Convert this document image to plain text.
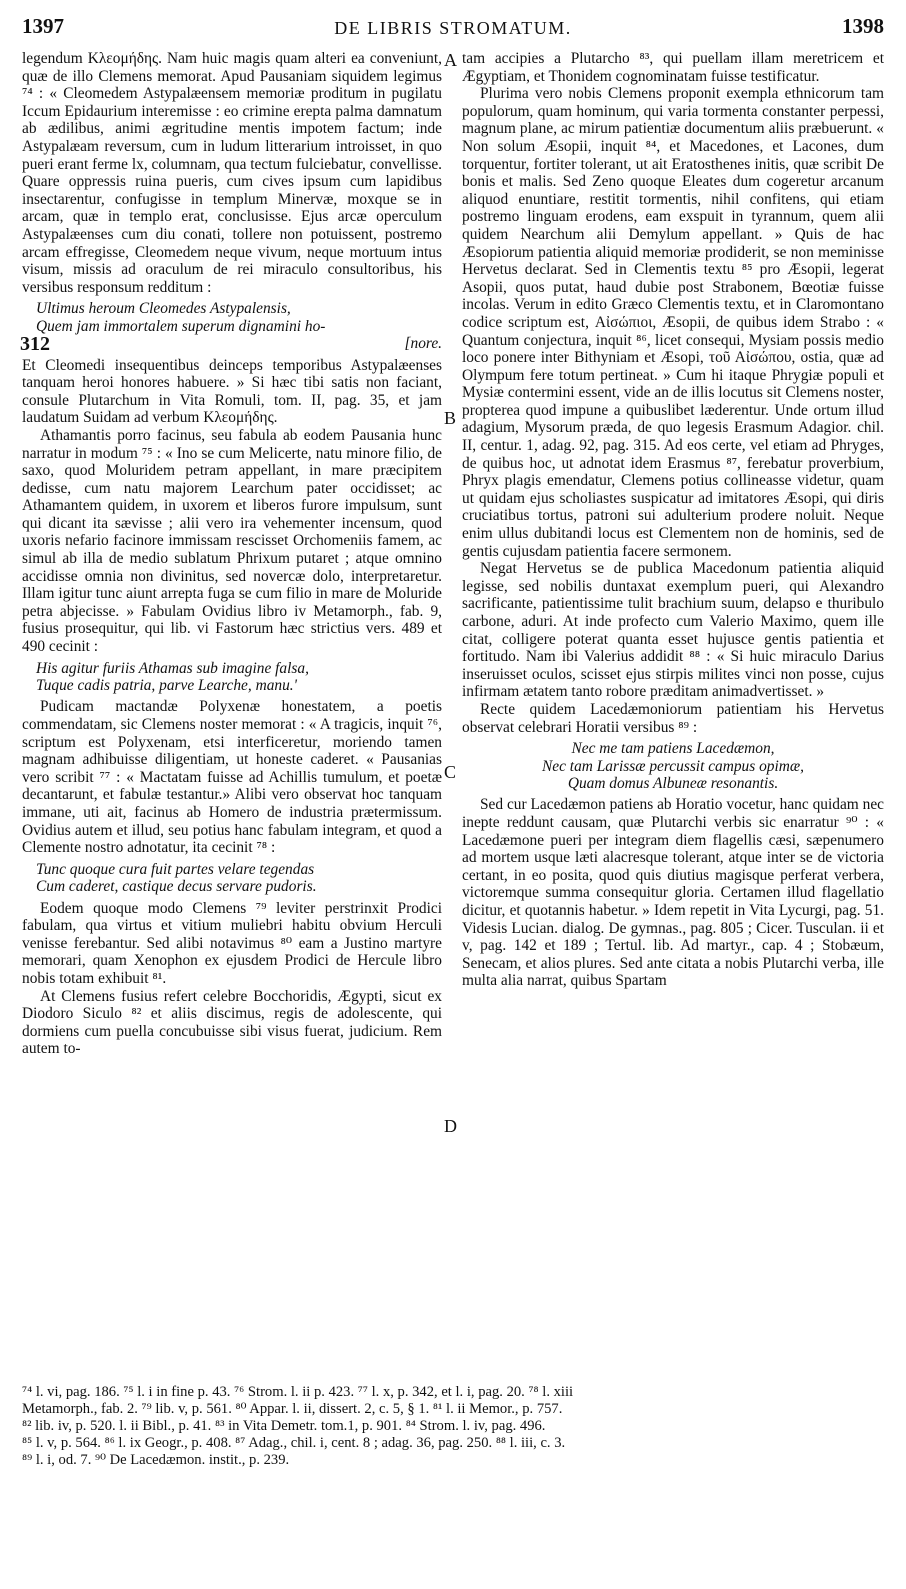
1397	DE LIBRIS STROMATUM.	1398
A
B
C
D

legendum Κλεομήδης. Nam huic magis quam alteri ea conveniunt, quæ de illo Clemens memorat. Apud Pausaniam siquidem legimus ⁷⁴ : « Cleomedem Astypalæensem memoriæ proditum in pugilatu Iccum Epidaurium interemisse : eo crimine erepta palma damnatum ab ædilibus, animi ægritudine mentis impotem factum; inde Astypalæam reversum, cum in ludum litterarium introisset, in quo pueri erant ferme lx, columnam, qua tectum fulciebatur, convellisse. Quare oppressis ruina pueris, cum cives ipsum cum lapidibus insectarentur, confugisse in templum Minervæ, moxque se in arcam, quæ in templo erat, conclusisse. Ejus arcæ operculum Astypalæenses cum diu conati, tollere non potuissent, postremo arcam effregisse, Cleomedem neque vivum, neque mortuum intus visum, missis ad oraculum de rei miraculo consultoribus, his versibus responsum redditum :

Ultimus heroum Cleomedes Astypalensis,
Quem jam immortalem superum dignamini ho-
[nore.

Et Cleomedi insequentibus deinceps temporibus Astypalæenses tanquam heroi honores habuere. » Si hæc tibi satis non faciant, consule Plutarchum in Vita Romuli, tom. II, pag. 35, et jam laudatum Suidam ad verbum Κλεομήδης.

Athamantis porro facinus, seu fabula ab eodem Pausania hunc narratur in modum ⁷⁵ : « Ino se cum Melicerte, natu minore filio, de saxo, quod Moluridem petram appellant, in mare præcipitem dedisse, cum natu majorem Learchum pater occidisset; ac Athamantem quidem, in uxorem et liberos furore impulsum, sunt qui dicant ita sævisse ; alii vero ira vehementer incensum, quod uxoris nefario facinore immissam rescisset Orchomeniis famem, ac simul ab illa de medio sublatum Phrixum putaret ; atque omnino accidisse omnia non divinitus, sed novercæ dolo, interpretaretur. Illam igitur tunc aiunt arrepta fuga se cum filio in mare de Moluride petra abjecisse. » Fabulam Ovidius libro iv Metamorph., fab. 9, fusius prosequitur, qui lib. vi Fastorum hæc strictius vers. 489 et 490 cecinit :

His agitur furiis Athamas sub imagine falsa,
Tuque cadis patria, parve Learche, manu.'

Pudicam mactandæ Polyxenæ honestatem, a poetis commendatam, sic Clemens noster memorat : « A tragicis, inquit ⁷⁶, scriptum est Polyxenam, etsi interficeretur, moriendo tamen magnam adhibuisse diligentiam, ut honeste caderet. « Pausanias vero scribit ⁷⁷ : « Mactatam fuisse ad Achillis tumulum, et poetæ decantarunt, et fabulæ testantur.» Alibi vero observat hoc tanquam immane, uti ait, facinus ab Homero de industria prætermissum. Ovidius autem et illud, seu potius hanc fabulam integram, et quod a Clemente nostro adnotatur, ita cecinit ⁷⁸ :

Tunc quoque cura fuit partes velare tegendas
Cum caderet, castique decus servare pudoris.

Eodem quoque modo Clemens ⁷⁹ leviter perstrinxit Prodici fabulam, qua virtus et vitium muliebri habitu obvium Herculi venisse ferebantur. Sed alibi notavimus ⁸⁰ eam a Justino martyre memorari, quam Xenophon ex ejusdem Prodici de Hercule libro nobis totam exhibuit ⁸¹.

At Clemens fusius refert celebre Bocchoridis, Ægypti, sicut ex Diodoro Siculo ⁸² et aliis discimus, regis de adolescente, qui dormiens cum puella concubuisse sibi visus fuerat, judicium. Rem autem to-

312

tam accipies a Plutarcho ⁸³, qui puellam illam meretricem et Ægyptiam, et Thonidem cognominatam fuisse testificatur.

Plurima vero nobis Clemens proponit exempla ethnicorum tam populorum, quam hominum, qui varia tormenta constanter perpessi, magnum plane, ac mirum patientiæ documentum aliis præbuerunt. « Non solum Æsopii, inquit ⁸⁴, et Macedones, et Lacones, dum torquentur, fortiter tolerant, ut ait Eratosthenes initis, quæ scribit De bonis et malis. Sed Zeno quoque Eleates dum cogeretur arcanum aliquod enuntiare, restitit tormentis, nihil confitens, qui etiam postremo linguam erodens, eam exspuit in tyrannum, quem alii quidem Nearchum alii Demylum appellant. » Quis de hac Æsopiorum patientia aliquid memoriæ prodiderit, se non meminisse Hervetus declarat. Sed in Clementis textu ⁸⁵ pro Æsopii, legerat Asopii, quos putat, haud dubie post Strabonem, Bœotiæ fuisse incolas. Verum in edito Græco Clementis textu, et in Claromontano codice scriptum est, Αἰσώπιοι, Æsopii, de quibus idem Strabo : « Quantum conjectura, inquit ⁸⁶, licet consequi, Mysiam possis medio loco ponere inter Bithyniam et Æsopi, τοῦ Αἰσώπου, ostia, quæ ad Olympum fere totum pertineat. » Cum hi itaque Phrygiæ populi et Mysiæ contermini essent, vide an de illis locutus sit Clemens noster, propterea quod impune a quibuslibet læderentur. Unde ortum illud adagium, Mysorum præda, de quo legesis Erasmum Adagior. chil. II, centur. 1, adag. 92, pag. 315. Ad eos certe, vel etiam ad Phryges, de quibus hoc, ut adnotat idem Erasmus ⁸⁷, ferebatur proverbium, Phryx plagis emendatur, Clemens potius collineasse videtur, quam ut quidam ejus scholiastes suspicatur ad imitatores Æsopi, qui diris cruciatibus tortus, patroni sui adulterium prodere noluit. Neque enim ullus dubitandi locus est Clementem non de hominis, sed de gentis cujusdam patientia facere sermonem.

Negat Hervetus se de publica Macedonum patientia aliquid legisse, sed nobilis duntaxat exemplum pueri, qui Alexandro sacrificante, patientissime tulit brachium suum, delapso e thuribulo carbone, aduri. At inde profecto cum Valerio Maximo, quem ille citat, colligere poterat quanta esset hujusce gentis patientia et fortitudo. Nam ibi Valerius addidit ⁸⁸ : « Si huic miraculo Darius inseruisset oculos, scisset ejus stirpis milites vinci non posse, cujus infirmam ætatem tanto robore præditam animadvertisset. »

Recte quidem Lacedæmoniorum patientiam his Hervetus observat celebrari Horatii versibus ⁸⁹ :

Nec me tam patiens Lacedæmon,
Nec tam Larissæ percussit campus opimæ,
Quam domus Albuneæ resonantis.

Sed cur Lacedæmon patiens ab Horatio vocetur, hanc quidam nec inepte reddunt causam, quæ Plutarchi verbis sic enarratur ⁹⁰ : « Lacedæmone pueri per integram diem flagellis cæsi, sæpenumero ad mortem usque læti alacresque tolerant, atque inter se de victoria certant, in eo posita, quod quis diutius magisque perferat verbera, victoremque summa consequitur gloria. Certamen illud flagellatio dicitur, et quotannis habetur. » Idem repetit in Vita Lycurgi, pag. 51. Videsis Lucian. dialog. De gymnas., pag. 805 ; Cicer. Tusculan. ii et v, pag. 142 et 189 ; Tertul. lib. Ad martyr., cap. 4 ; Stobæum, Senecam, et alios plures. Sed ante citata a nobis Plutarchi verba, ille multa alia narrat, quibus Spartam

⁷⁴ l. vi, pag. 186. ⁷⁵ l. i in fine p. 43. ⁷⁶ Strom. l. ii p. 423. ⁷⁷ l. x, p. 342, et l. i, pag. 20. ⁷⁸ l. xiii
Metamorph., fab. 2. ⁷⁹ lib. v, p. 561. ⁸⁰ Appar. l. ii, dissert. 2, c. 5, § 1. ⁸¹ l. ii Memor., p. 757.
⁸² lib. iv, p. 520. l. ii Bibl., p. 41. ⁸³ in Vita Demetr. tom.1, p. 901. ⁸⁴ Strom. l. iv, pag. 496.
⁸⁵ l. v, p. 564. ⁸⁶ l. ix Geogr., p. 408. ⁸⁷ Adag., chil. i, cent. 8 ; adag. 36, pag. 250. ⁸⁸ l. iii, c. 3.
⁸⁹ l. i, od. 7. ⁹⁰ De Lacedæmon. instit., p. 239.
